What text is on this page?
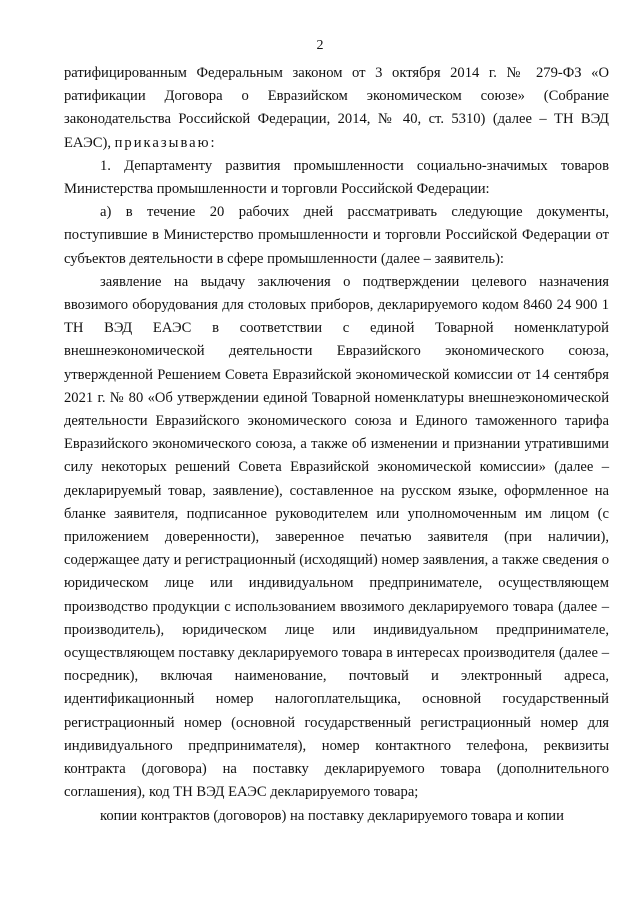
2

ратифицированным Федеральным законом от 3 октября 2014 г. № 279-ФЗ «О ратификации Договора о Евразийском экономическом союзе» (Собрание законодательства Российской Федерации, 2014, № 40, ст. 5310) (далее – ТН ВЭД ЕАЭС), приказываю:

1. Департаменту развития промышленности социально-значимых товаров Министерства промышленности и торговли Российской Федерации:

а) в течение 20 рабочих дней рассматривать следующие документы, поступившие в Министерство промышленности и торговли Российской Федерации от субъектов деятельности в сфере промышленности (далее – заявитель):

заявление на выдачу заключения о подтверждении целевого назначения ввозимого оборудования для столовых приборов, декларируемого кодом 8460 24 900 1 ТН ВЭД ЕАЭС в соответствии с единой Товарной номенклатурой внешнеэкономической деятельности Евразийского экономического союза, утвержденной Решением Совета Евразийской экономической комиссии от 14 сентября 2021 г. № 80 «Об утверждении единой Товарной номенклатуры внешнеэкономической деятельности Евразийского экономического союза и Единого таможенного тарифа Евразийского экономического союза, а также об изменении и признании утратившими силу некоторых решений Совета Евразийской экономической комиссии» (далее – декларируемый товар, заявление), составленное на русском языке, оформленное на бланке заявителя, подписанное руководителем или уполномоченным им лицом (с приложением доверенности), заверенное печатью заявителя (при наличии), содержащее дату и регистрационный (исходящий) номер заявления, а также сведения о юридическом лице или индивидуальном предпринимателе, осуществляющем производство продукции с использованием ввозимого декларируемого товара (далее – производитель), юридическом лице или индивидуальном предпринимателе, осуществляющем поставку декларируемого товара в интересах производителя (далее – посредник), включая наименование, почтовый и электронный адреса, идентификационный номер налогоплательщика, основной государственный регистрационный номер (основной государственный регистрационный номер для индивидуального предпринимателя), номер контактного телефона, реквизиты контракта (договора) на поставку декларируемого товара (дополнительного соглашения), код ТН ВЭД ЕАЭС декларируемого товара;

копии контрактов (договоров) на поставку декларируемого товара и копии
